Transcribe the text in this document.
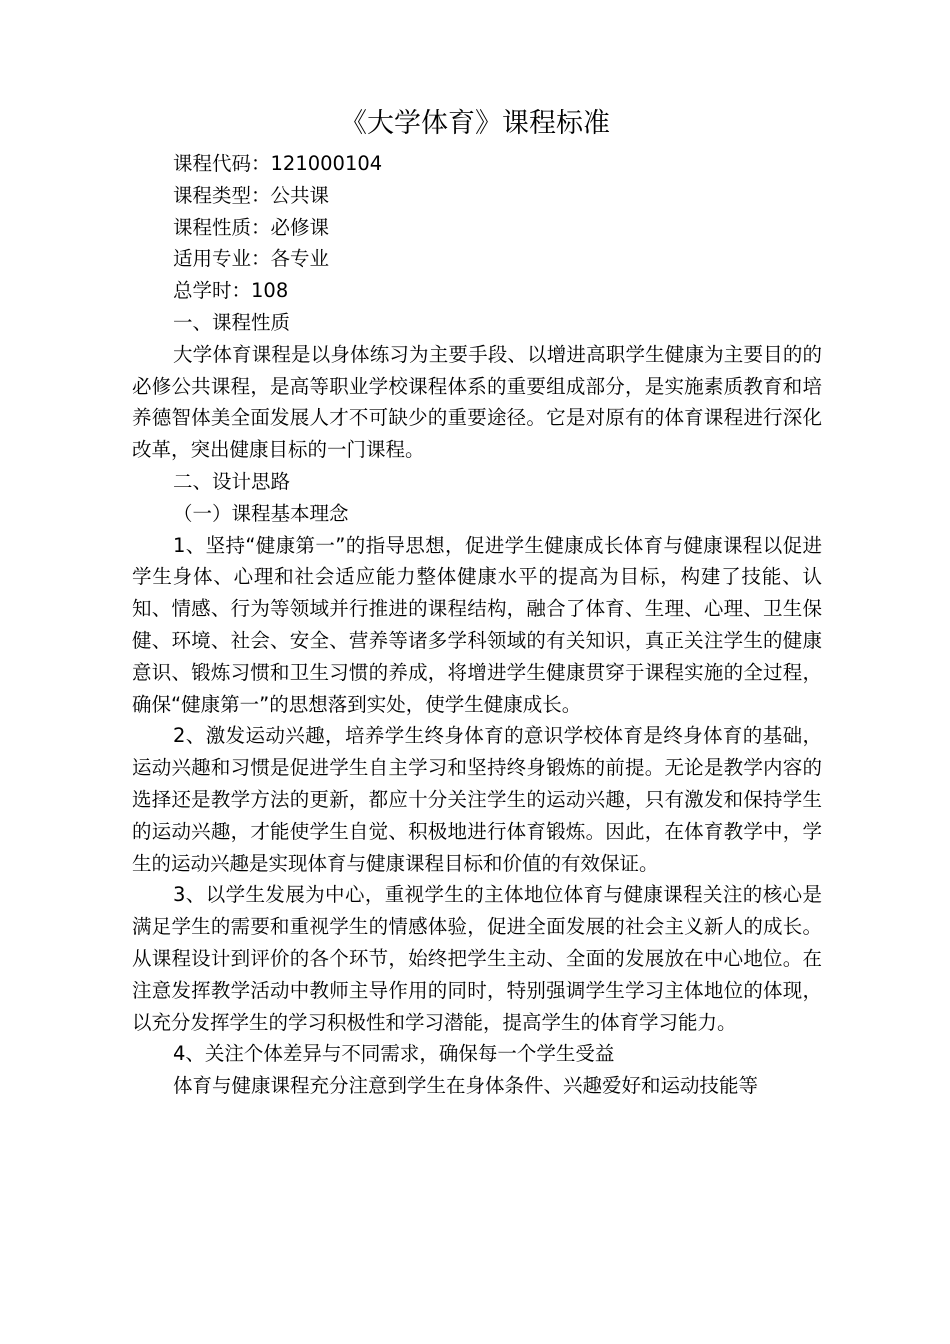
《大学体育》课程标准
课程代码：121000104
课程类型：公共课
课程性质：必修课
适用专业：各专业
总学时：108
一、课程性质

大学体育课程是以身体练习为主要手段、以增进高职学生健康为主要目的的必修公共课程，是高等职业学校课程体系的重要组成部分，是实施素质教育和培养德智体美全面发展人才不可缺少的重要途径。它是对原有的体育课程进行深化改革，突出健康目标的一门课程。

二、设计思路
（一）课程基本理念

1、坚持“健康第一”的指导思想，促进学生健康成长体育与健康课程以促进学生身体、心理和社会适应能力整体健康水平的提高为目标，构建了技能、认知、情感、行为等领域并行推进的课程结构，融合了体育、生理、心理、卫生保健、环境、社会、安全、营养等诸多学科领域的有关知识，真正关注学生的健康意识、锻炼习惯和卫生习惯的养成，将增进学生健康贯穿于课程实施的全过程，确保“健康第一”的思想落到实处，使学生健康成长。

2、激发运动兴趣，培养学生终身体育的意识学校体育是终身体育的基础，运动兴趣和习惯是促进学生自主学习和坚持终身锻炼的前提。无论是教学内容的选择还是教学方法的更新，都应十分关注学生的运动兴趣，只有激发和保持学生的运动兴趣，才能使学生自觉、积极地进行体育锻炼。因此，在体育教学中，学生的运动兴趣是实现体育与健康课程目标和价值的有效保证。

3、以学生发展为中心，重视学生的主体地位体育与健康课程关注的核心是满足学生的需要和重视学生的情感体验，促进全面发展的社会主义新人的成长。从课程设计到评价的各个环节，始终把学生主动、全面的发展放在中心地位。在注意发挥教学活动中教师主导作用的同时，特别强调学生学习主体地位的体现，以充分发挥学生的学习积极性和学习潜能，提高学生的体育学习能力。

4、关注个体差异与不同需求，确保每一个学生受益

体育与健康课程充分注意到学生在身体条件、兴趣爱好和运动技能等
